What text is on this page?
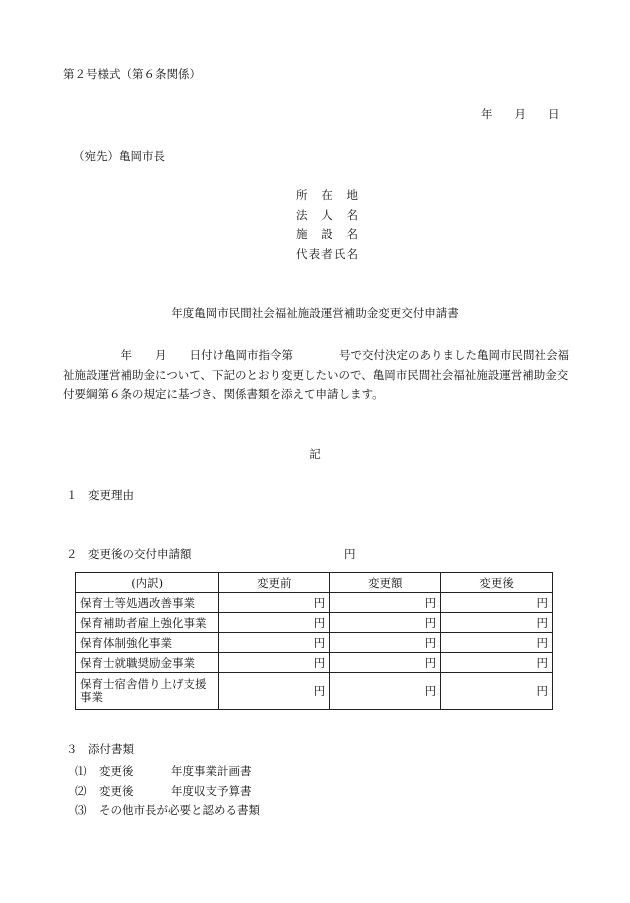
第２号様式（第６条関係）
年 月 日
（宛先）亀岡市長
所在地
法人名
施設名
代表者氏名
年度亀岡市民間社会福祉施設運営補助金変更交付申請書
　　　　　年　　月　　日付け亀岡市指令第　　　　号で交付決定のありました亀岡市民間社会福祉施設運営補助金について、下記のとおり変更したいので、亀岡市民間社会福祉施設運営補助金交付要綱第６条の規定に基づき、関係書類を添えて申請します。
記
１ 変更理由
２ 変更後の交付申請額	円
(内訳)	変更前	変更額	変更後
保育士等処遇改善事業	円	円	円
保育補助者雇上強化事業	円	円	円
保育体制強化事業	円	円	円
保育士就職奨励金事業	円	円	円
保育士宿舎借り上げ支援事業	円	円	円
３ 添付書類
⑴ 変更後	年度事業計画書
⑵ 変更後	年度収支予算書
⑶ その他市長が必要と認める書類
